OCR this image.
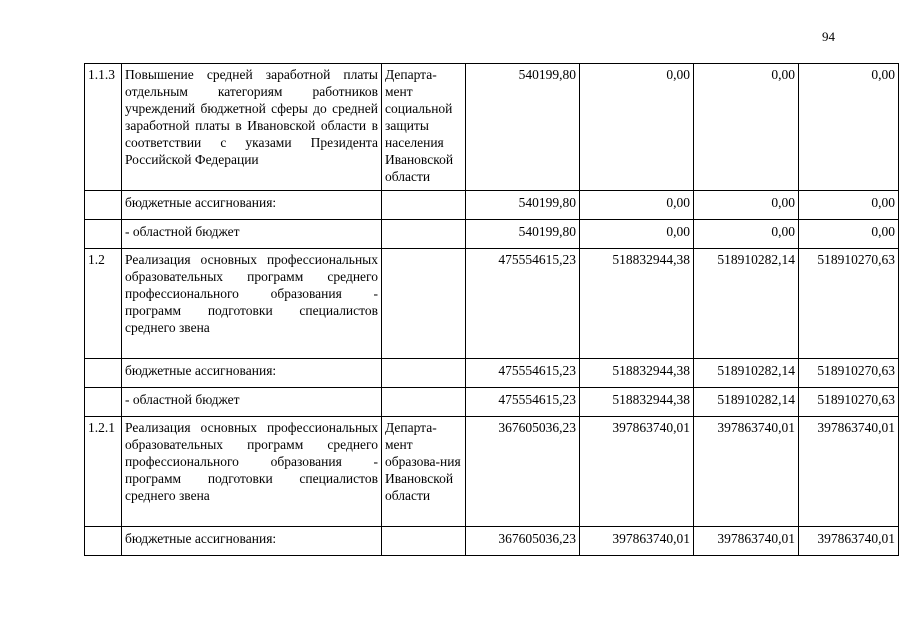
94
1.1.3	Повышение средней заработной платы отдельным категориям работников учреждений бюджетной сферы до средней заработной платы в Ивановской области в соответствии с указами Президента Российской Федерации	Департа-мент социальной защиты населения Ивановской области	540199,80	0,00	0,00	0,00
	бюджетные ассигнования:		540199,80	0,00	0,00	0,00
	- областной бюджет		540199,80	0,00	0,00	0,00
1.2	Реализация основных профессиональных образовательных программ среднего профессионального образования - программ подготовки специалистов среднего звена		475554615,23	518832944,38	518910282,14	518910270,63
	бюджетные ассигнования:		475554615,23	518832944,38	518910282,14	518910270,63
	- областной бюджет		475554615,23	518832944,38	518910282,14	518910270,63
1.2.1	Реализация основных профессиональных образовательных программ среднего профессионального образования - программ подготовки специалистов среднего звена	Департа-мент образова-ния Ивановской области	367605036,23	397863740,01	397863740,01	397863740,01
	бюджетные ассигнования:		367605036,23	397863740,01	397863740,01	397863740,01
